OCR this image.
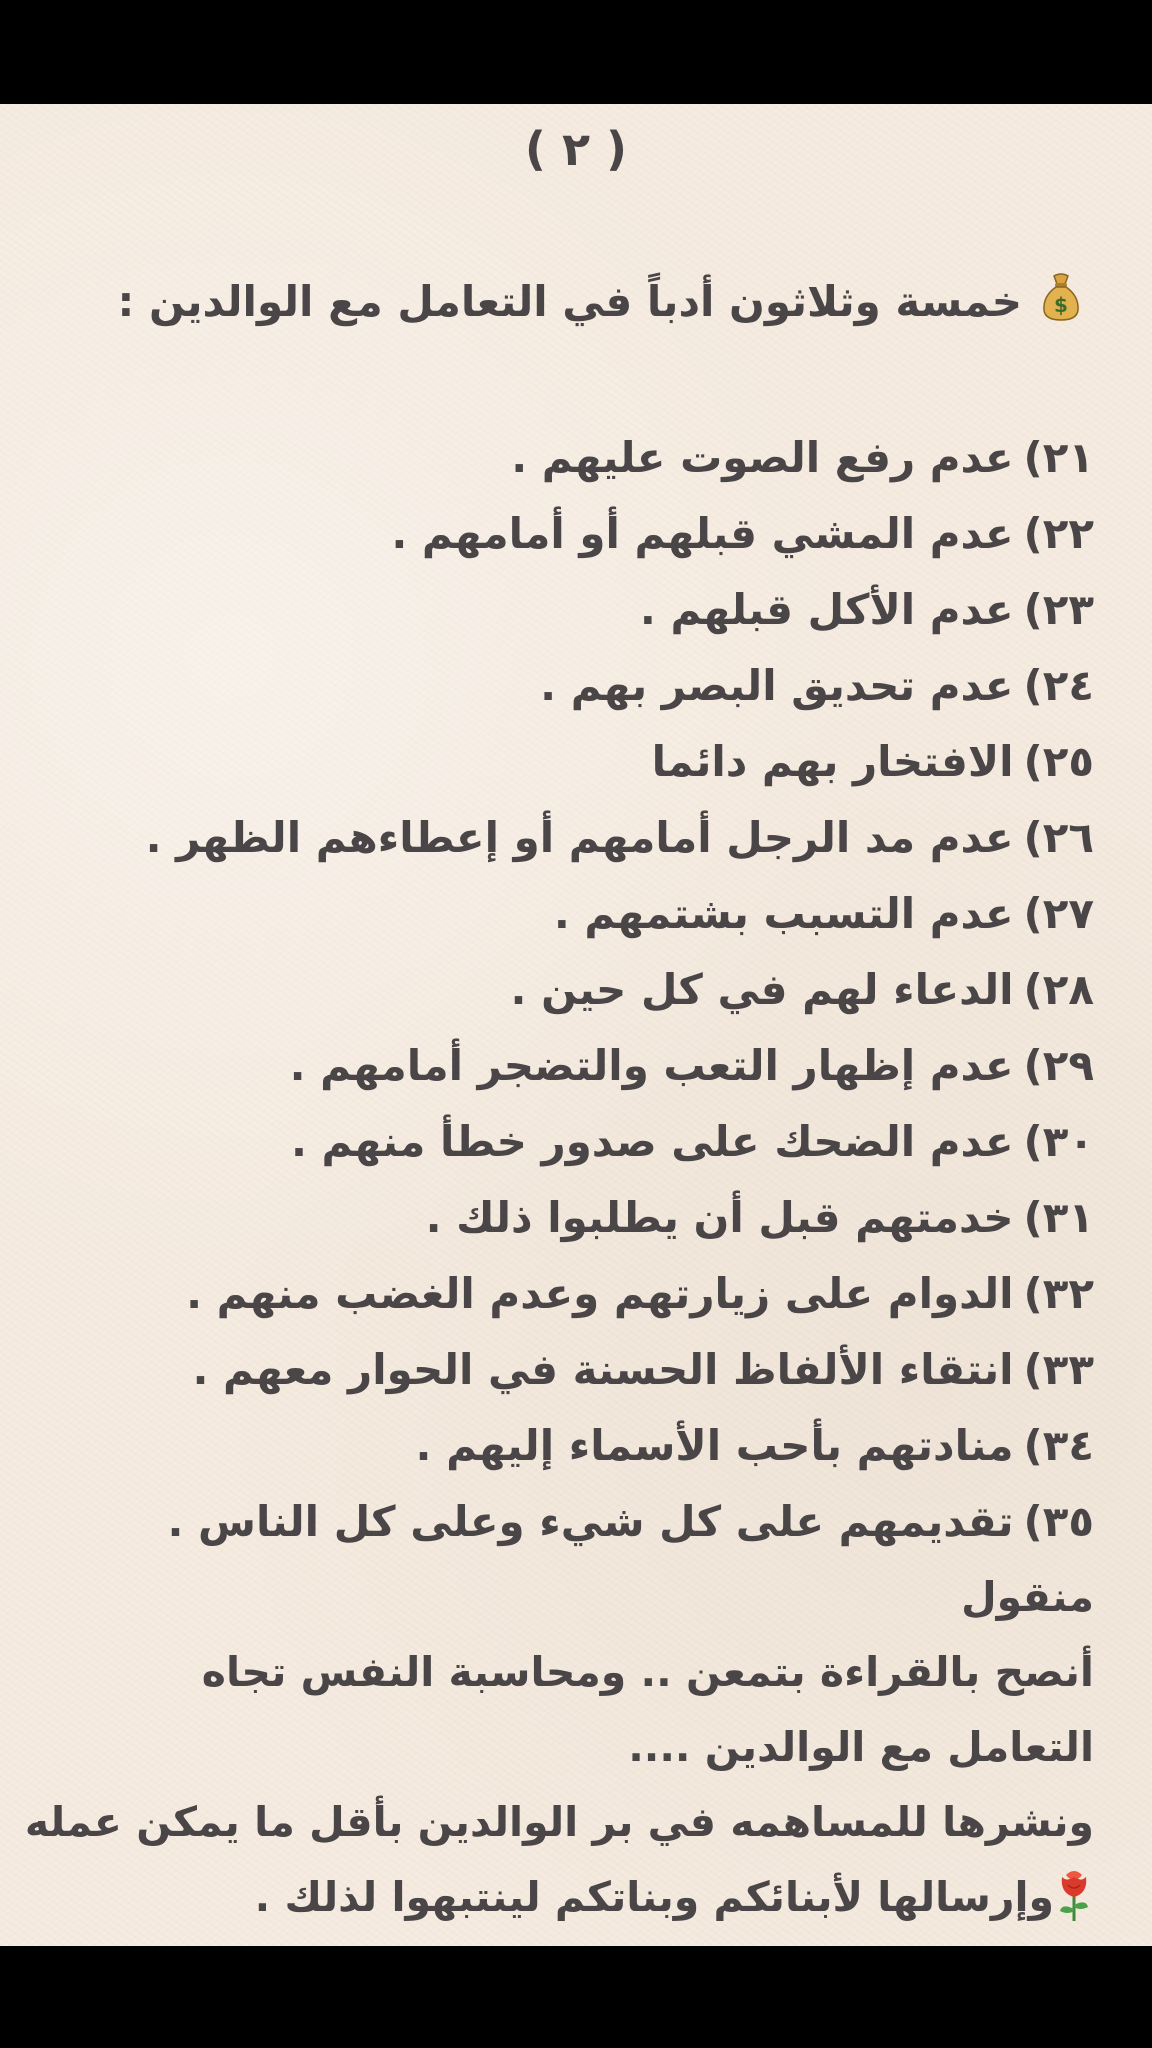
( ٢ )
$
خمسة وثلاثون أدباً في التعامل مع الوالدين :
٢١)عدم رفع الصوت عليهم .
٢٢)عدم المشي قبلهم أو أمامهم .
٢٣)عدم الأكل قبلهم .
٢٤)عدم تحديق البصر بهم .
٢٥)الافتخار بهم دائما
٢٦)عدم مد الرجل أمامهم أو إعطاءهم الظهر .
٢٧)عدم التسبب بشتمهم .
٢٨)الدعاء لهم في كل حين .
٢٩)عدم إظهار التعب والتضجر أمامهم .
٣٠)عدم الضحك على صدور خطأ منهم .
٣١)خدمتهم قبل أن يطلبوا ذلك .
٣٢)الدوام على زيارتهم وعدم الغضب منهم .
٣٣)انتقاء الألفاظ الحسنة في الحوار معهم .
٣٤)منادتهم بأحب الأسماء إليهم .
٣٥)تقديمهم على كل شيء وعلى كل الناس .
منقول
أنصح بالقراءة بتمعن .. ومحاسبة النفس تجاه
التعامل مع الوالدين ....
ونشرها للمساهمه في بر الوالدين بأقل ما يمكن عمله
وإرسالها لأبنائكم وبناتكم لينتبهوا لذلك .
